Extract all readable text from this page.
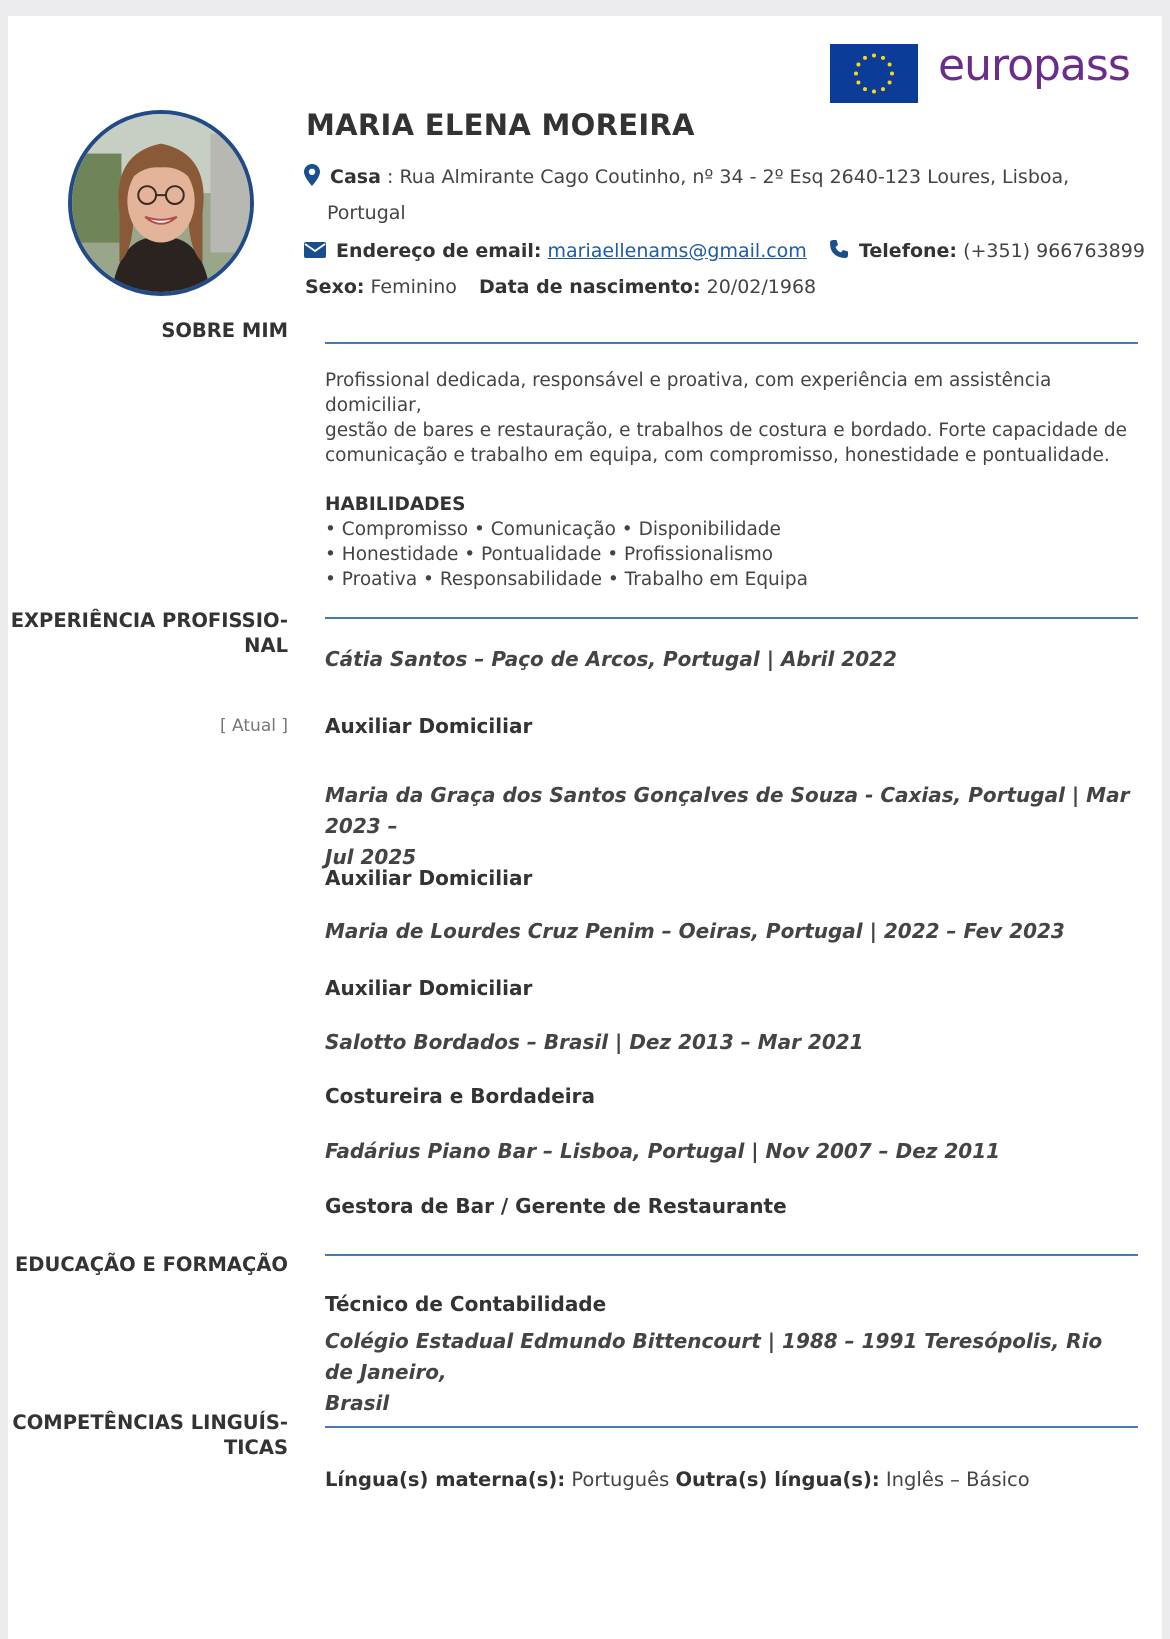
europass
MARIA ELENA MOREIRA
Casa : Rua Almirante Cago Coutinho, nº 34 - 2º Esq 2640-123 Loures, Lisboa,
Portugal
Endereço de email: mariaellenams@gmail.com	Telefone: (+351) 966763899
Sexo: Feminino Data de nascimento: 20/02/1968
SOBRE MIM
Profissional dedicada, responsável e proativa, com experiência em assistência domiciliar,
gestão de bares e restauração, e trabalhos de costura e bordado. Forte capacidade de
comunicação e trabalho em equipa, com compromisso, honestidade e pontualidade.
HABILIDADES
• Compromisso • Comunicação • Disponibilidade
• Honestidade • Pontualidade • Profissionalismo
• Proativa • Responsabilidade • Trabalho em Equipa
EXPERIÊNCIA PROFISSIO-
NAL
Cátia Santos – Paço de Arcos, Portugal | Abril 2022
[ Atual ] Auxiliar Domiciliar
Maria da Graça dos Santos Gonçalves de Souza - Caxias, Portugal | Mar 2023 –
Jul 2025
Auxiliar Domiciliar
Maria de Lourdes Cruz Penim – Oeiras, Portugal | 2022 – Fev 2023
Auxiliar Domiciliar
Salotto Bordados – Brasil | Dez 2013 – Mar 2021
Costureira e Bordadeira
Fadárius Piano Bar – Lisboa, Portugal | Nov 2007 – Dez 2011
Gestora de Bar / Gerente de Restaurante
EDUCAÇÃO E FORMAÇÃO
Técnico de Contabilidade
Colégio Estadual Edmundo Bittencourt | 1988 – 1991 Teresópolis, Rio de Janeiro,
Brasil
COMPETÊNCIAS LINGUÍS-
TICAS
Língua(s) materna(s): Português Outra(s) língua(s): Inglês – Básico
